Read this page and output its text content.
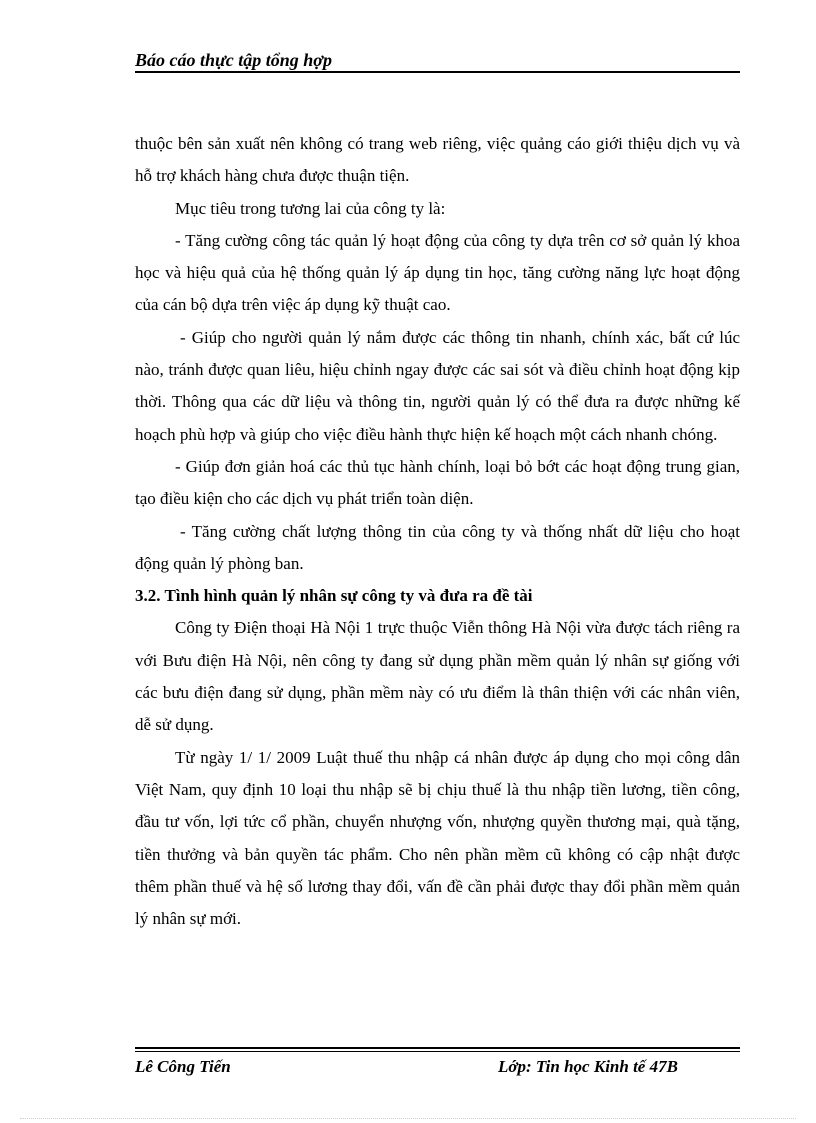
Báo cáo thực tập tổng hợp

thuộc bên sản xuất nên không có trang web riêng, việc quảng cáo giới thiệu dịch vụ và hỗ trợ khách hàng chưa được thuận tiện.

Mục tiêu trong tương lai của công ty là:

- Tăng cường công tác quản lý hoạt động của công ty dựa trên cơ sở quản lý khoa học và hiệu quả của hệ thống quản lý áp dụng tin học, tăng cường năng lực hoạt động của cán bộ dựa trên việc áp dụng kỹ thuật cao.

- Giúp cho người quản lý nắm được các thông tin nhanh, chính xác, bất cứ lúc nào, tránh được quan liêu, hiệu chỉnh ngay được các sai sót và điều chỉnh hoạt động kịp thời. Thông qua các dữ liệu và thông tin, người quản lý có thể đưa ra được những kế hoạch phù hợp và giúp cho việc điều hành thực hiện kế hoạch một cách nhanh chóng.

- Giúp đơn giản hoá các thủ tục hành chính, loại bỏ bớt các hoạt động trung gian, tạo điều kiện cho các dịch vụ phát triển toàn diện.

- Tăng cường chất lượng thông tin của công ty và thống nhất dữ liệu cho hoạt động quản lý phòng ban.

3.2. Tình hình quản lý nhân sự công ty và đưa ra đề tài

Công ty Điện thoại Hà Nội 1 trực thuộc Viễn thông Hà Nội vừa được tách riêng ra với Bưu điện Hà Nội, nên công ty đang sử dụng phần mềm quản lý nhân sự giống với các bưu điện đang sử dụng, phần mềm này có ưu điểm là thân thiện với các nhân viên, dễ sử dụng.

Từ ngày 1/ 1/ 2009 Luật thuế thu nhập cá nhân được áp dụng cho mọi công dân Việt Nam, quy định 10 loại thu nhập sẽ bị chịu thuế là thu nhập tiền lương, tiền công, đầu tư vốn, lợi tức cổ phần, chuyển nhượng vốn, nhượng quyền thương mại, quà tặng, tiền thưởng và bản quyền tác phẩm. Cho nên phần mềm cũ không có cập nhật được thêm phần thuế và hệ số lương thay đổi, vấn đề cần phải được thay đổi phần mềm quản lý nhân sự mới.

Lê Công Tiến	Lớp: Tin học Kinh tế 47B
